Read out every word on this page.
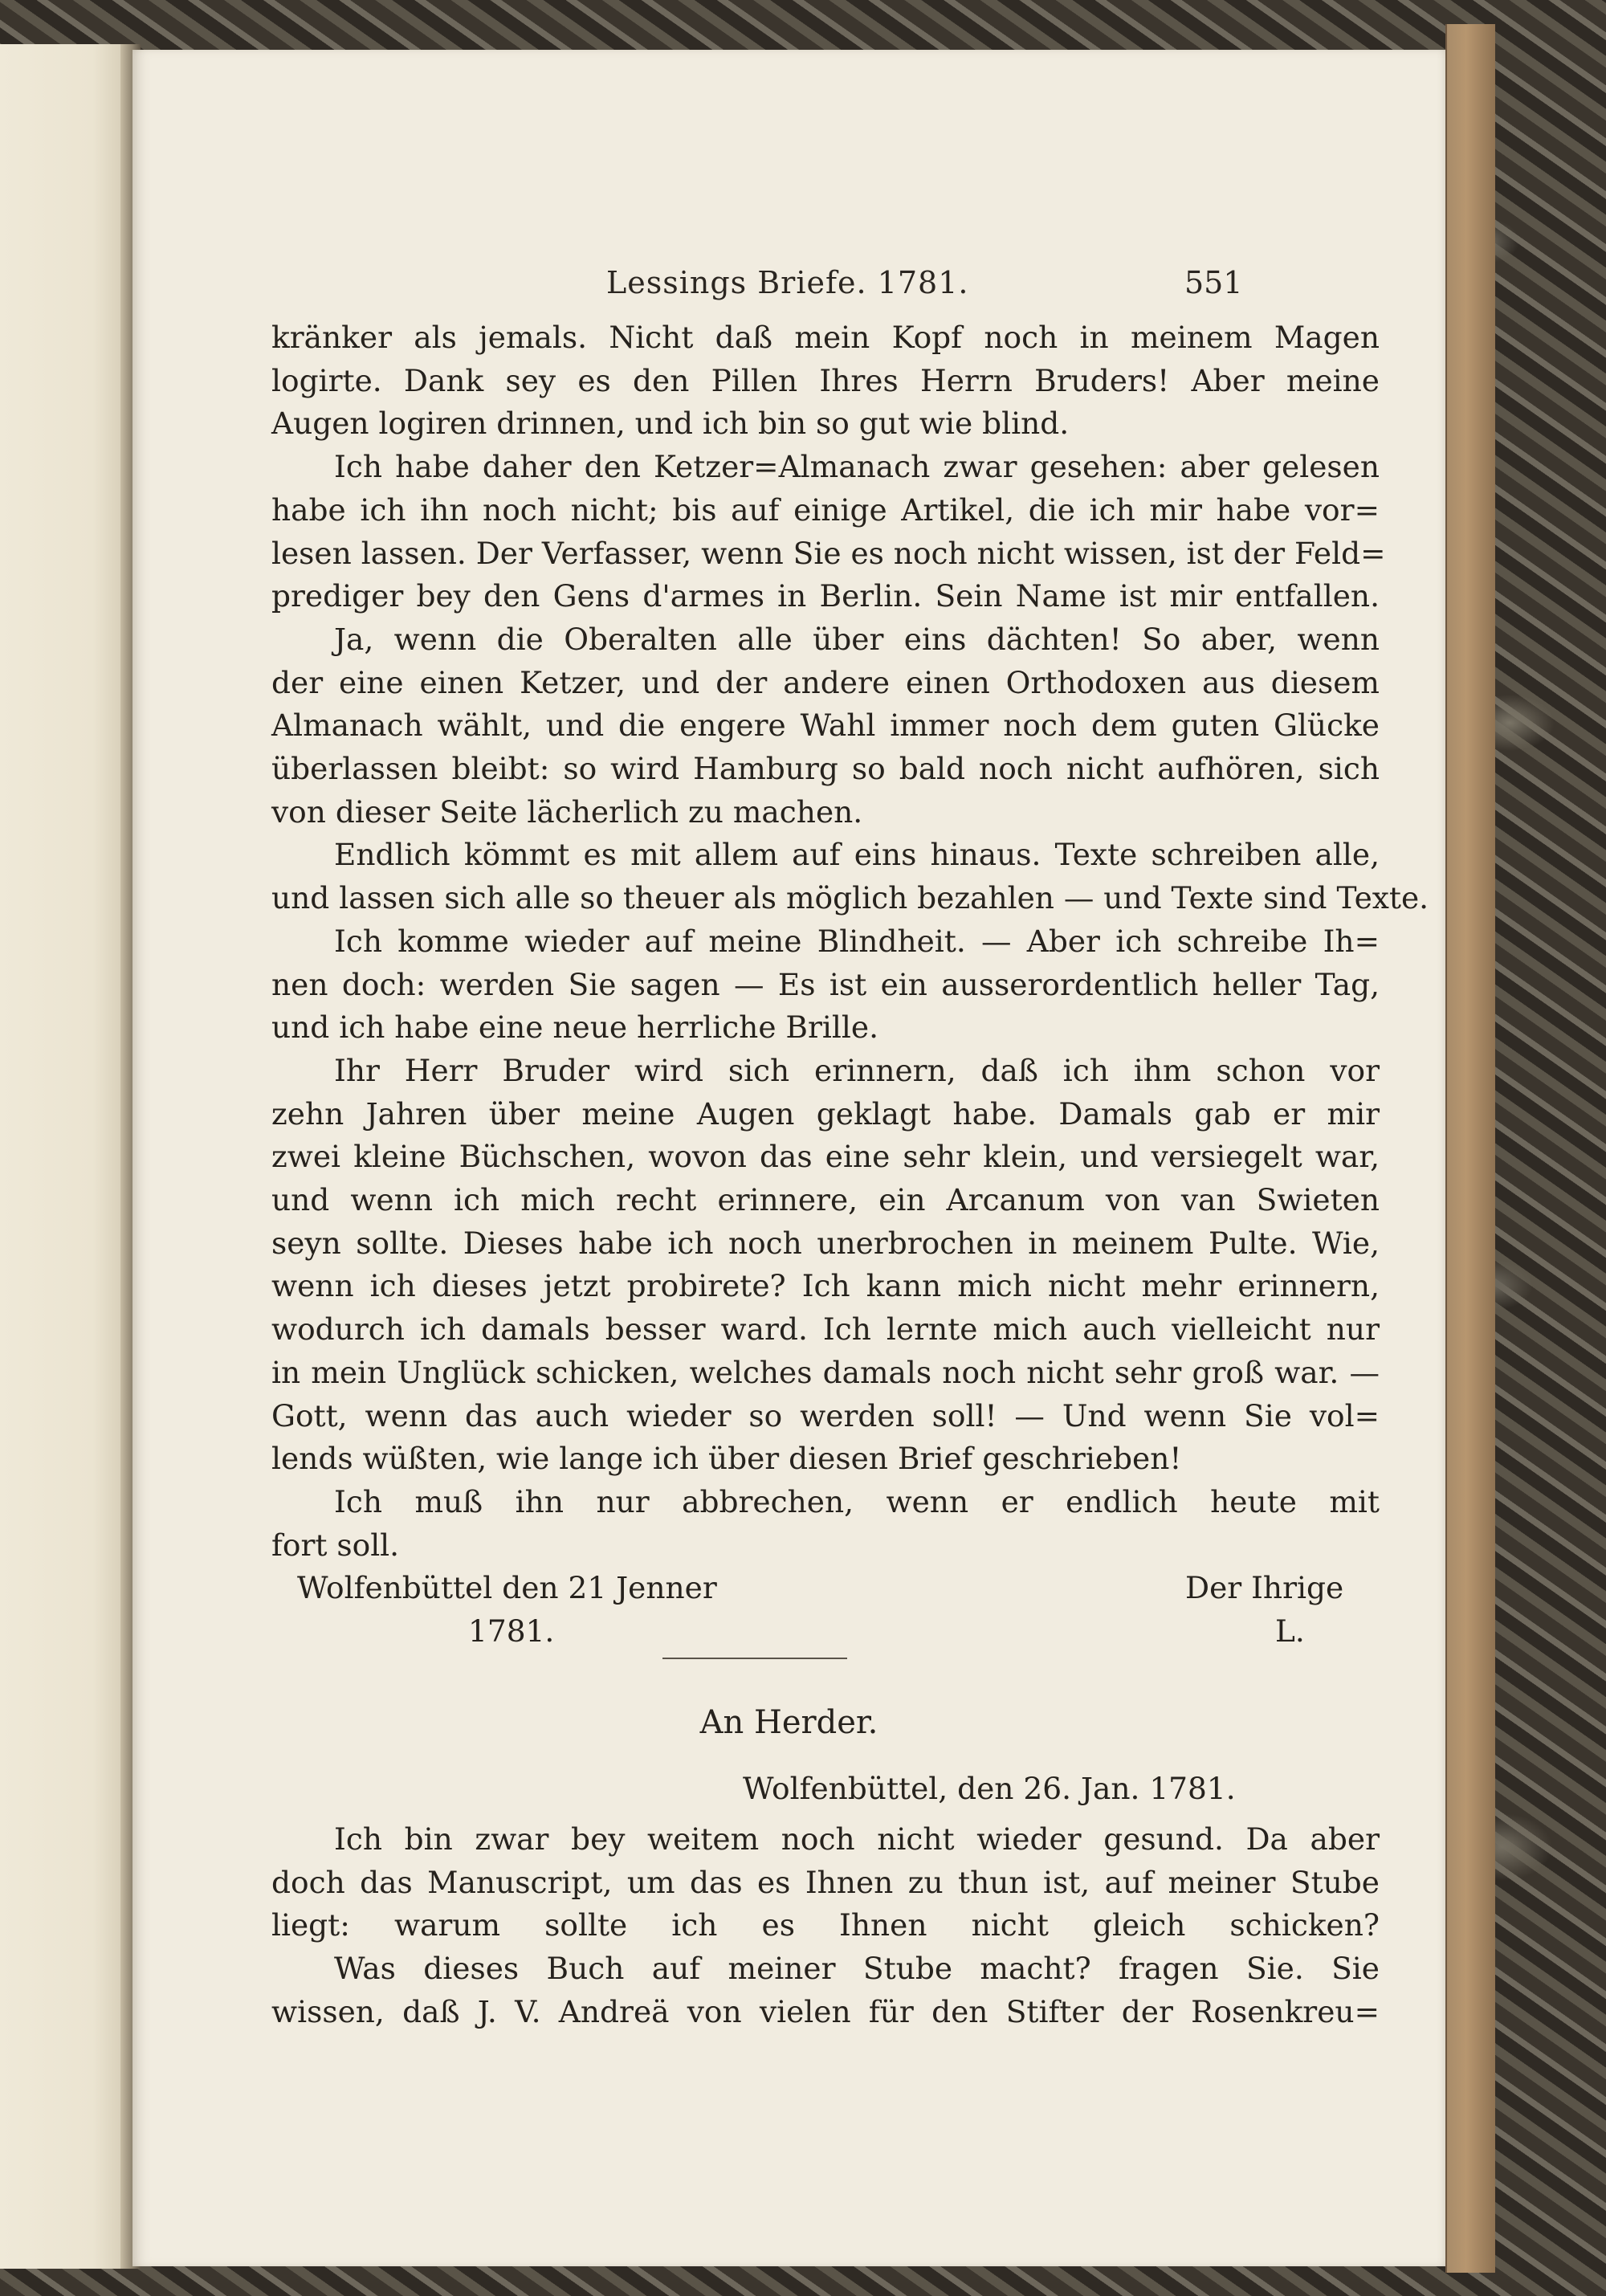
Lessings Briefe. 1781.	551
kränker als jemals. Nicht daß mein Kopf noch in meinem Magen
logirte. Dank sey es den Pillen Ihres Herrn Bruders! Aber meine
Augen logiren drinnen, und ich bin so gut wie blind.
Ich habe daher den Ketzer=Almanach zwar gesehen: aber gelesen
habe ich ihn noch nicht; bis auf einige Artikel, die ich mir habe vor=
lesen lassen. Der Verfasser, wenn Sie es noch nicht wissen, ist der Feld=
prediger bey den Gens d'armes in Berlin. Sein Name ist mir entfallen.
Ja, wenn die Oberalten alle über eins dächten! So aber, wenn
der eine einen Ketzer, und der andere einen Orthodoxen aus diesem
Almanach wählt, und die engere Wahl immer noch dem guten Glücke
überlassen bleibt: so wird Hamburg so bald noch nicht aufhören, sich
von dieser Seite lächerlich zu machen.
Endlich kömmt es mit allem auf eins hinaus. Texte schreiben alle,
und lassen sich alle so theuer als möglich bezahlen — und Texte sind Texte.
Ich komme wieder auf meine Blindheit. — Aber ich schreibe Ih=
nen doch: werden Sie sagen — Es ist ein ausserordentlich heller Tag,
und ich habe eine neue herrliche Brille.
Ihr Herr Bruder wird sich erinnern, daß ich ihm schon vor
zehn Jahren über meine Augen geklagt habe. Damals gab er mir
zwei kleine Büchschen, wovon das eine sehr klein, und versiegelt war,
und wenn ich mich recht erinnere, ein Arcanum von van Swieten
seyn sollte. Dieses habe ich noch unerbrochen in meinem Pulte. Wie,
wenn ich dieses jetzt probirete? Ich kann mich nicht mehr erinnern,
wodurch ich damals besser ward. Ich lernte mich auch vielleicht nur
in mein Unglück schicken, welches damals noch nicht sehr groß war. —
Gott, wenn das auch wieder so werden soll! — Und wenn Sie vol=
lends wüßten, wie lange ich über diesen Brief geschrieben!
Ich muß ihn nur abbrechen, wenn er endlich heute mit
fort soll.
Wolfenbüttel den 21 Jenner
1781.
Der Ihrige
L.
An Herder.
Wolfenbüttel, den 26. Jan. 1781.
Ich bin zwar bey weitem noch nicht wieder gesund. Da aber
doch das Manuscript, um das es Ihnen zu thun ist, auf meiner Stube
liegt: warum sollte ich es Ihnen nicht gleich schicken?
Was dieses Buch auf meiner Stube macht? fragen Sie. Sie
wissen, daß J. V. Andreä von vielen für den Stifter der Rosenkreu=
